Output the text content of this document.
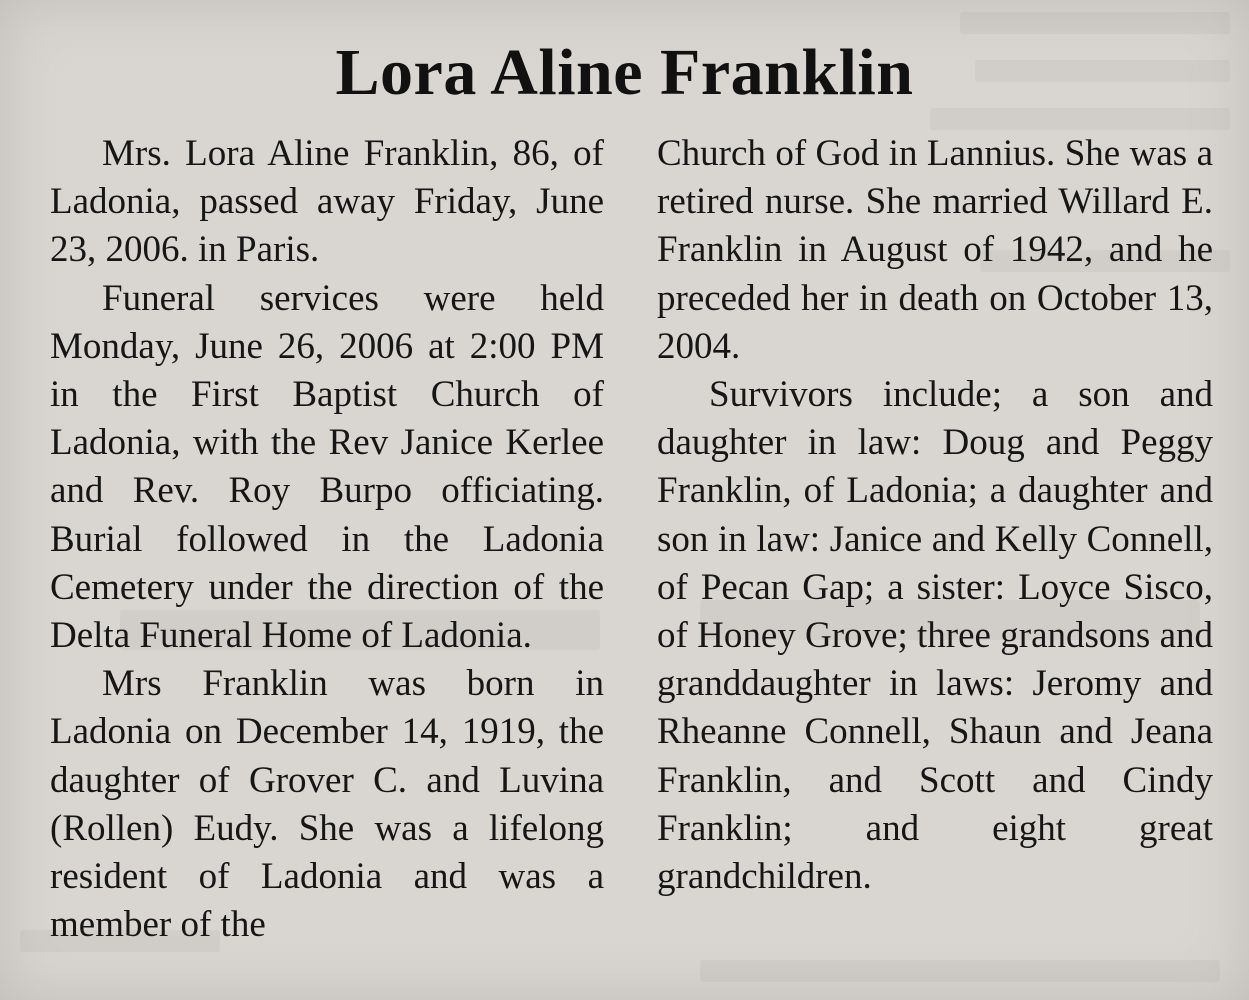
Lora Aline Franklin

Mrs. Lora Aline Franklin, 86, of Ladonia, passed away Friday, June 23, 2006. in Paris.

Funeral services were held Monday, June 26, 2006 at 2:00 PM in the First Baptist Church of Ladonia, with the Rev Janice Kerlee and Rev. Roy Burpo officiating. Burial followed in the Ladonia Cemetery under the direction of the Delta Funeral Home of Ladonia.

Mrs Franklin was born in Ladonia on December 14, 1919, the daughter of Grover C. and Luvina (Rollen) Eudy. She was a lifelong resident of Ladonia and was a member of the

Church of God in Lannius. She was a retired nurse. She married Willard E. Franklin in August of 1942, and he preceded her in death on October 13, 2004.

Survivors include; a son and daughter in law: Doug and Peggy Franklin, of Ladonia; a daughter and son in law: Janice and Kelly Connell, of Pecan Gap; a sister: Loyce Sisco, of Honey Grove; three grandsons and granddaughter in laws: Jeromy and Rheanne Connell, Shaun and Jeana Franklin, and Scott and Cindy Franklin; and eight great grandchildren.
